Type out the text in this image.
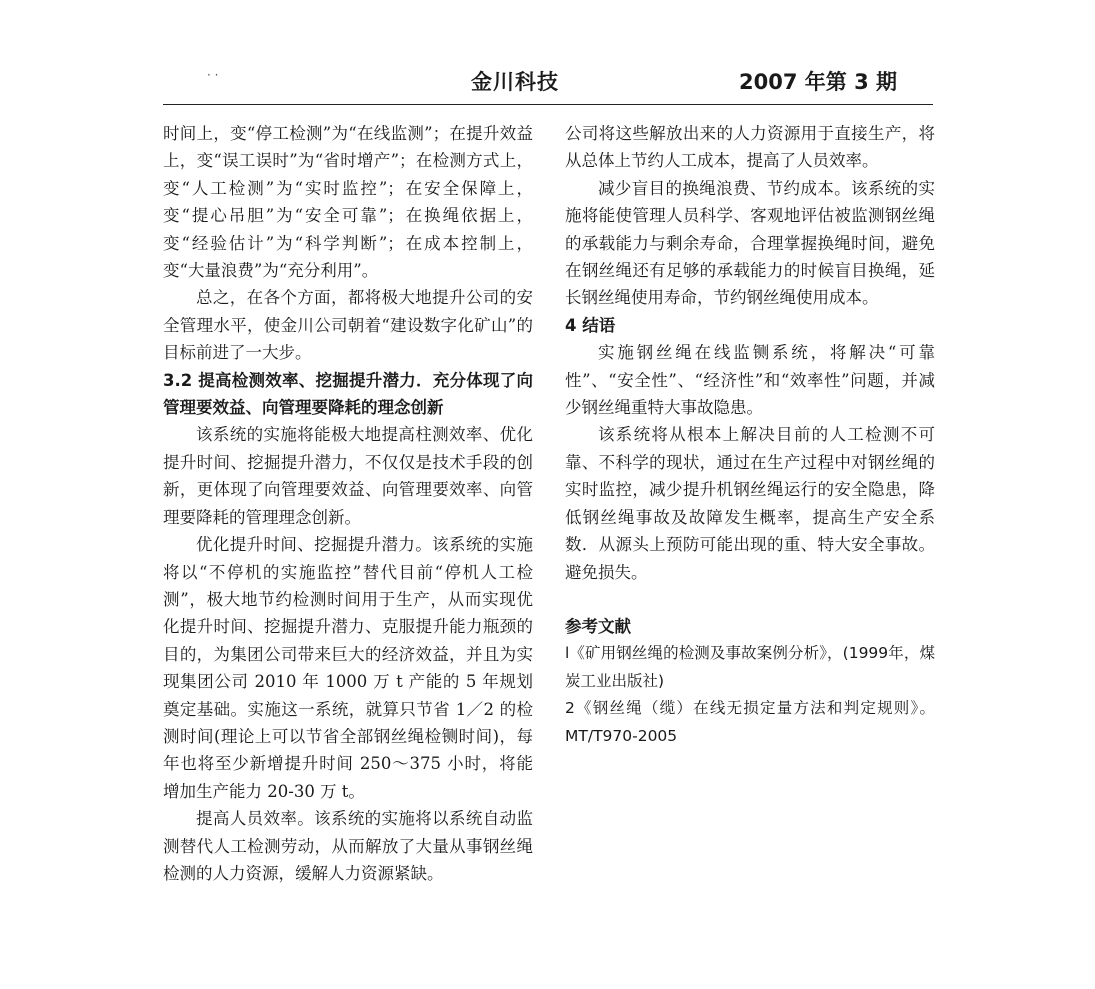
· ·	金川科技	2007 年第 3 期

时间上，变“停工检测”为“在线监测”；在提升效益上，变“误工误时”为“省时增产”；在检测方式上，变“人工检测”为“实时监控”；在安全保障上，变“提心吊胆”为“安全可靠”；在换绳依据上，变“经验估计”为“科学判断”；在成本控制上，变“大量浪费”为“充分利用”。

总之，在各个方面，都将极大地提升公司的安全管理水平，使金川公司朝着“建设数字化矿山”的目标前进了一大步。

3.2 提高检测效率、挖掘提升潜力．充分体现了向管理要效益、向管理要降耗的理念创新

该系统的实施将能极大地提高柱测效率、优化提升时间、挖掘提升潜力，不仅仅是技术手段的创新，更体现了向管理要效益、向管理要效率、向管理要降耗的管理理念创新。

优化提升时间、挖掘提升潜力。该系统的实施将以“不停机的实施监控”替代目前“停机人工检测”，极大地节约检测时间用于生产，从而实现优化提升时间、挖掘提升潜力、克服提升能力瓶颈的目的，为集团公司带来巨大的经济效益，并且为实现集团公司 2010 年 1000 万 t 产能的 5 年规划奠定基础。实施这一系统，就算只节省 1／2 的检测时间(理论上可以节省全部钢丝绳检铡时间)，每年也将至少新增提升时间 250～375 小时，将能增加生产能力 20-30 万 t。

提高人员效率。该系统的实施将以系统自动监测替代人工检测劳动，从而解放了大量从事钢丝绳检测的人力资源，缓解人力资源紧缺。

公司将这些解放出来的人力资源用于直接生产，将从总体上节约人工成本，提高了人员效率。

减少盲目的换绳浪费、节约成本。该系统的实施将能使管理人员科学、客观地评估被监测钢丝绳的承载能力与剩余寿命，合理掌握换绳时间，避免在钢丝绳还有足够的承载能力的时候盲目换绳，延长钢丝绳使用寿命，节约钢丝绳使用成本。

4 结语

实施钢丝绳在线监铡系统，将解决“可靠性”、“安全性”、“经济性”和“效率性”问题，并减少钢丝绳重特大事故隐患。

该系统将从根本上解决目前的人工检测不可靠、不科学的现状，通过在生产过程中对钢丝绳的实时监控，减少提升机钢丝绳运行的安全隐患，降低钢丝绳事故及故障发生概率，提高生产安全系数．从源头上预防可能出现的重、特大安全事故。避免损失。

参考文献

l《矿用钢丝绳的检测及事故案例分析》，(1999年，煤炭工业出版社)

2《钢丝绳（缆）在线无损定量方法和判定规则》。MT/T970-2005
